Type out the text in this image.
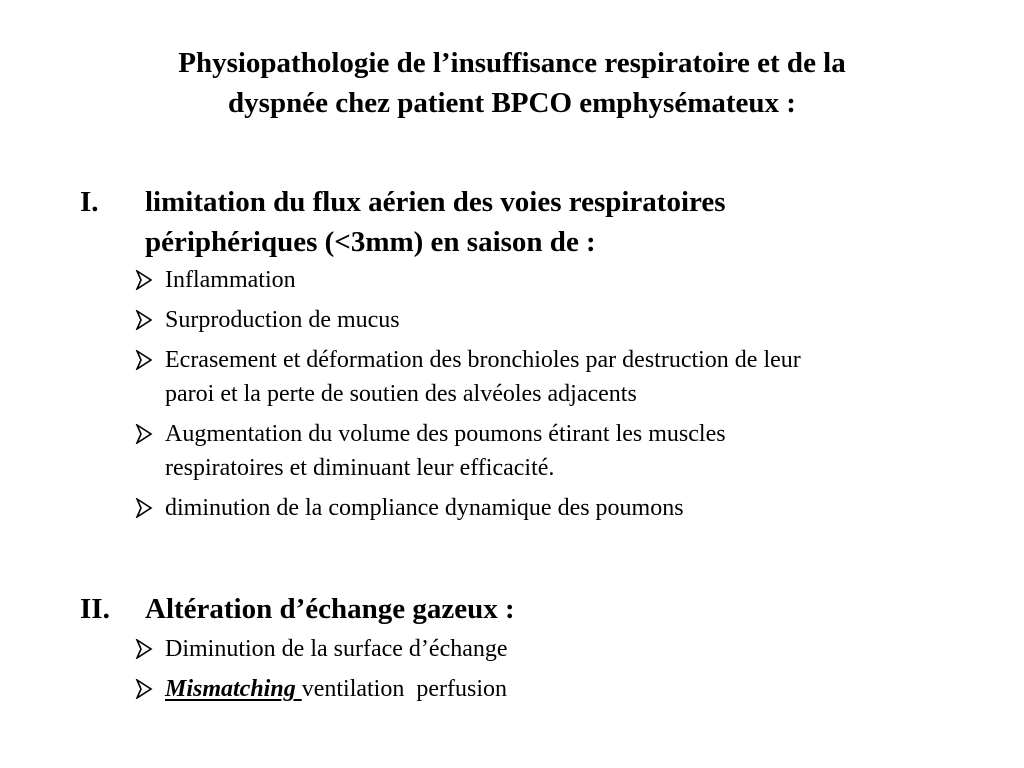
Physiopathologie de l’insuffisance respiratoire et de la
dyspnée chez patient BPCO emphysémateux :
I. limitation du flux aérien des voies respiratoires
périphériques (<3mm) en saison de :
Inflammation
Surproduction de mucus
Ecrasement et déformation des bronchioles par destruction de leur
paroi et la perte de soutien des alvéoles adjacents
Augmentation du volume des poumons étirant les muscles
respiratoires et diminuant leur efficacité.
diminution de la compliance dynamique des poumons
II. Altération d’échange gazeux :
Diminution de la surface d’échange
Mismatching ventilation  perfusion
